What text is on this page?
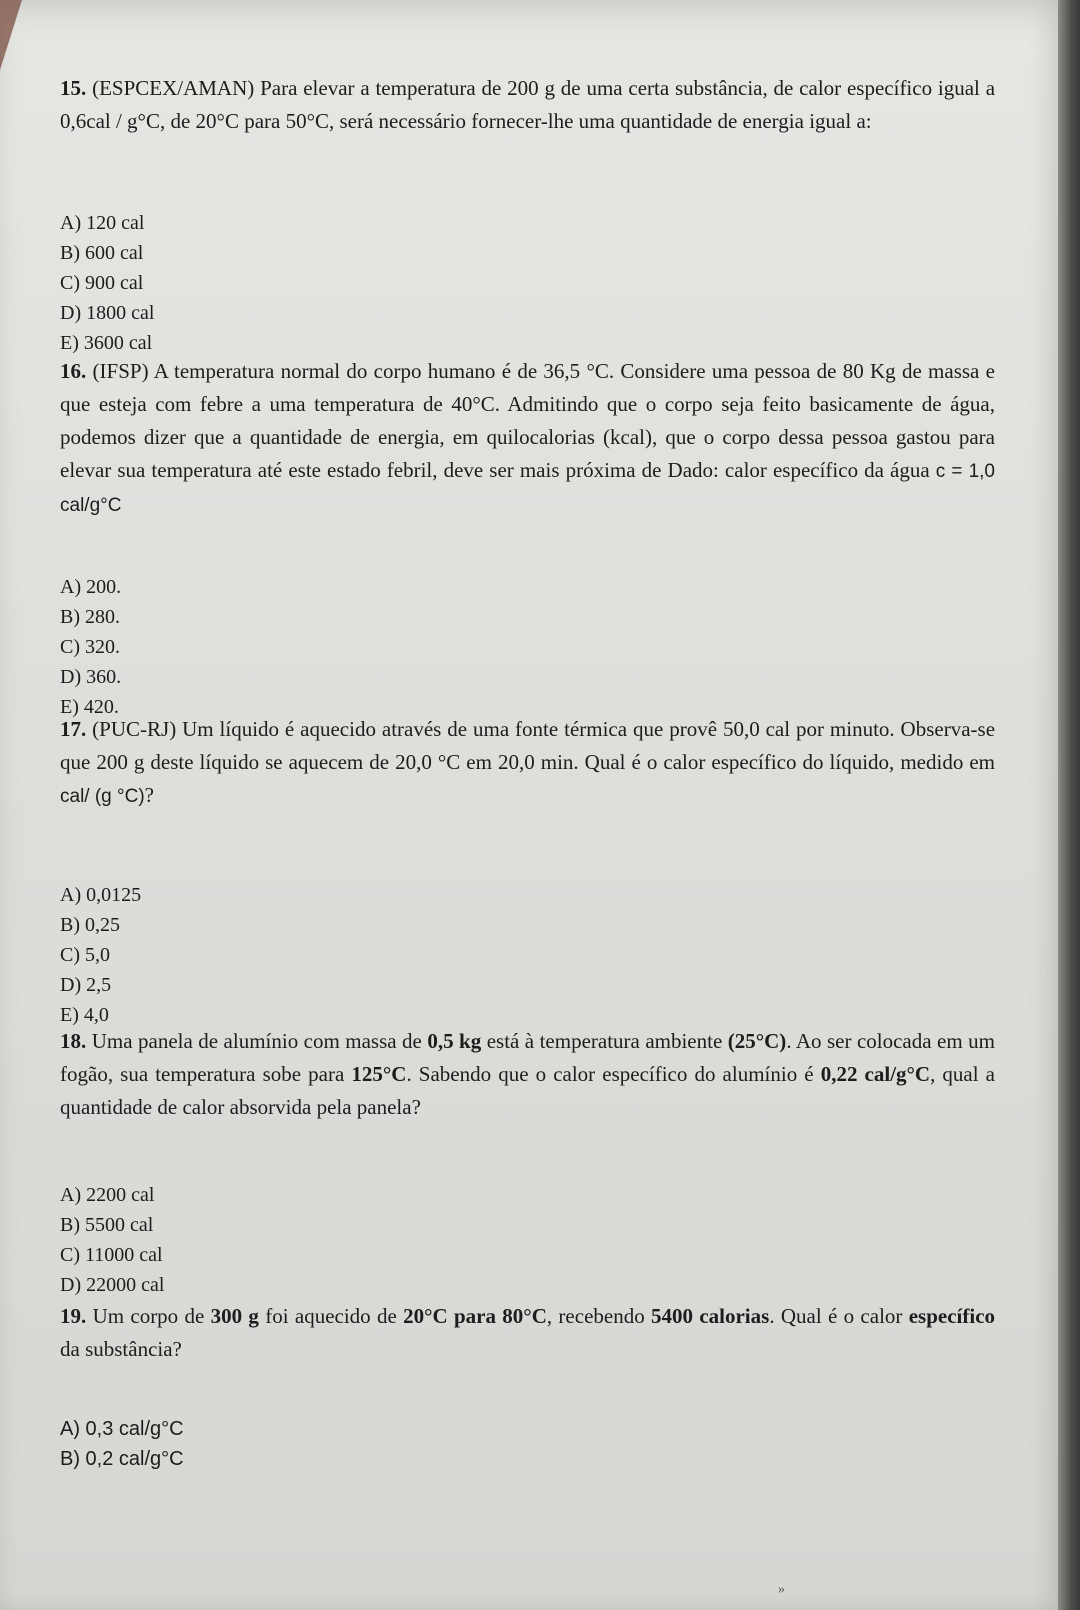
15. (ESPCEX/AMAN) Para elevar a temperatura de 200 g de uma certa substância, de calor específico igual a 0,6cal / g°C, de 20°C para 50°C, será necessário fornecer-lhe uma quantidade de energia igual a:

A) 120 cal
B) 600 cal
C) 900 cal
D) 1800 cal
E) 3600 cal

16. (IFSP) A temperatura normal do corpo humano é de 36,5 °C. Considere uma pessoa de 80 Kg de massa e que esteja com febre a uma temperatura de 40°C. Admitindo que o corpo seja feito basicamente de água, podemos dizer que a quantidade de energia, em quilocalorias (kcal), que o corpo dessa pessoa gastou para elevar sua temperatura até este estado febril, deve ser mais próxima de Dado: calor específico da água c = 1,0 cal/g°C

A) 200.
B) 280.
C) 320.
D) 360.
E) 420.

17. (PUC-RJ) Um líquido é aquecido através de uma fonte térmica que provê 50,0 cal por minuto. Observa-se que 200 g deste líquido se aquecem de 20,0 °C em 20,0 min. Qual é o calor específico do líquido, medido em cal/ (g °C)?

A) 0,0125
B) 0,25
C) 5,0
D) 2,5
E) 4,0

18. Uma panela de alumínio com massa de 0,5 kg está à temperatura ambiente (25°C). Ao ser colocada em um fogão, sua temperatura sobe para 125°C. Sabendo que o calor específico do alumínio é 0,22 cal/g°C, qual a quantidade de calor absorvida pela panela?

A) 2200 cal
B) 5500 cal
C) 11000 cal
D) 22000 cal

19. Um corpo de 300 g foi aquecido de 20°C para 80°C, recebendo 5400 calorias. Qual é o calor específico da substância?

A) 0,3 cal/g°C
B) 0,2 cal/g°C
»
